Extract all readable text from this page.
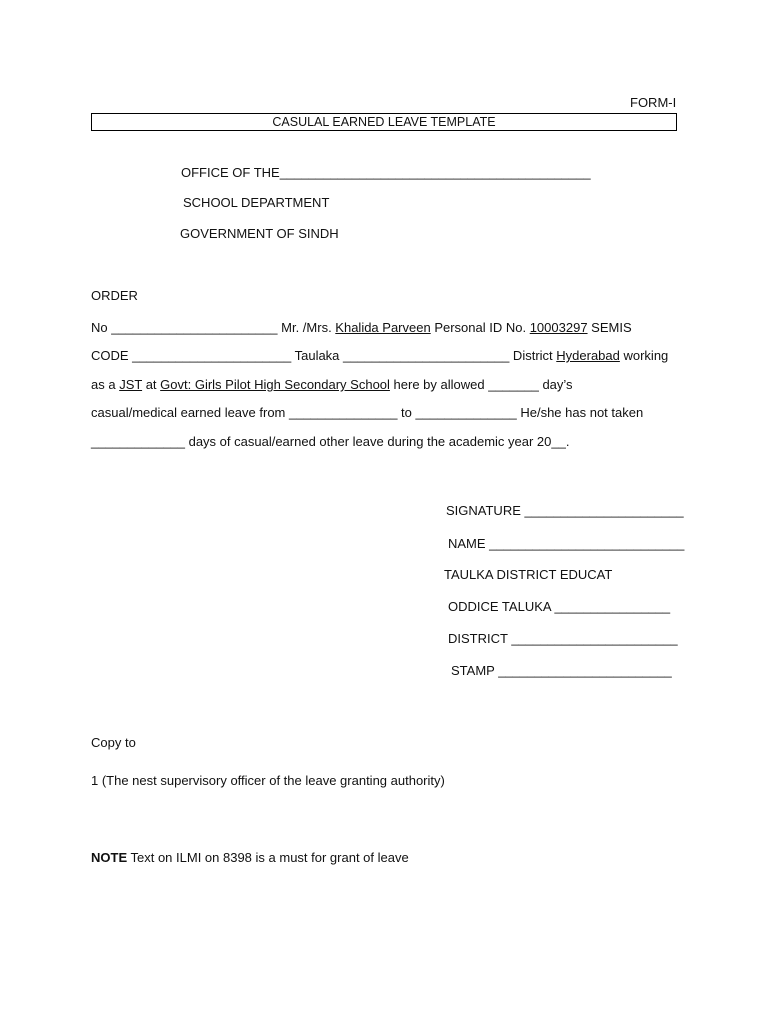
FORM-I
CASULAL EARNED LEAVE TEMPLATE
OFFICE OF THE___________________________________________
SCHOOL DEPARTMENT
GOVERNMENT OF SINDH
ORDER
No _______________________ Mr. /Mrs. Khalida Parveen Personal ID No. 10003297 SEMIS
CODE ______________________ Taulaka _______________________ District Hyderabad working
as a JST at Govt: Girls Pilot High Secondary School here by allowed _______ day’s
casual/medical earned leave from _______________ to ______________ He/she has not taken
_____________ days of casual/earned other leave during the academic year 20__.
SIGNATURE ______________________
NAME ___________________________
TAULKA DISTRICT EDUCAT
ODDICE TALUKA ________________
DISTRICT _______________________
STAMP ________________________
Copy to
1 (The nest supervisory officer of the leave granting authority)
NOTE Text on ILMI on 8398 is a must for grant of leave
